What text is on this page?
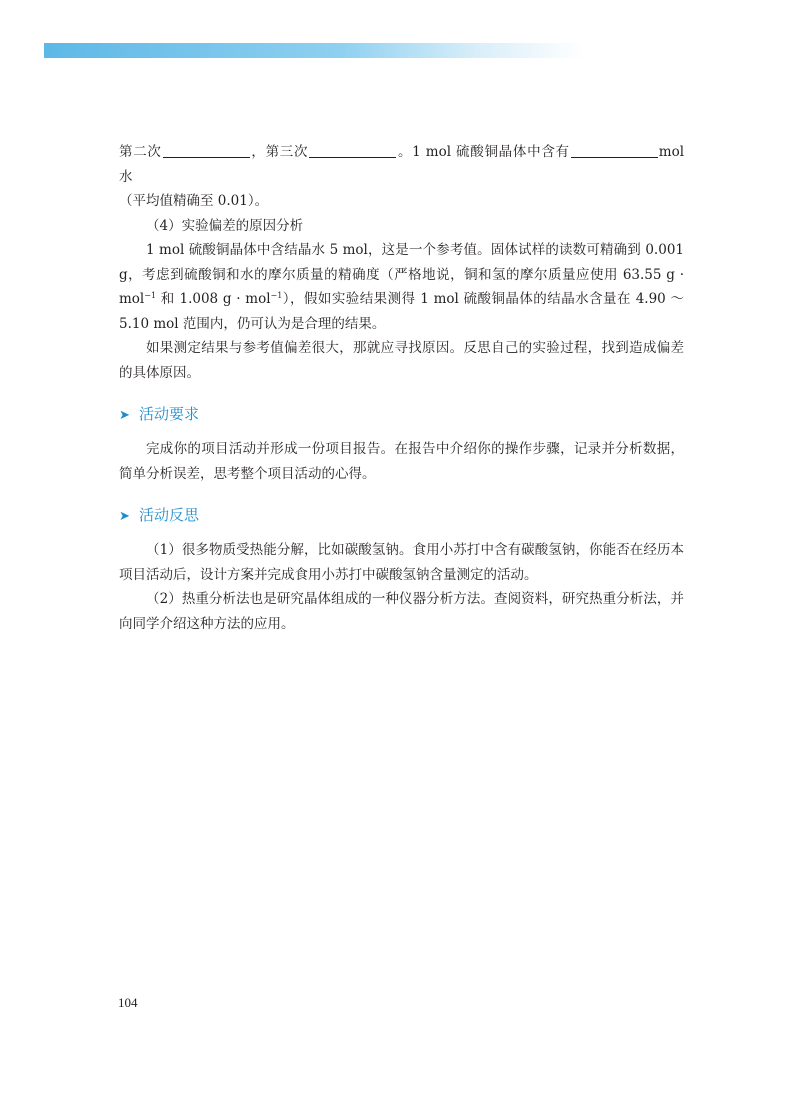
第二次	，第三次	。1 mol 硫酸铜晶体中含有	mol 水

（平均值精确至 0.01）。

（4）实验偏差的原因分析

1 mol 硫酸铜晶体中含结晶水 5 mol，这是一个参考值。固体试样的读数可精确到 0.001 g，考虑到硫酸铜和水的摩尔质量的精确度（严格地说，铜和氢的摩尔质量应使用 63.55 g · mol$^{-1}$ 和 1.008 g · mol$^{-1}$），假如实验结果测得 1 mol 硫酸铜晶体的结晶水含量在 4.90 ～ 5.10 mol 范围内，仍可认为是合理的结果。

如果测定结果与参考值偏差很大，那就应寻找原因。反思自己的实验过程，找到造成偏差的具体原因。

➤ 活动要求

完成你的项目活动并形成一份项目报告。在报告中介绍你的操作步骤，记录并分析数据，简单分析误差，思考整个项目活动的心得。

➤ 活动反思

（1）很多物质受热能分解，比如碳酸氢钠。食用小苏打中含有碳酸氢钠，你能否在经历本项目活动后，设计方案并完成食用小苏打中碳酸氢钠含量测定的活动。

（2）热重分析法也是研究晶体组成的一种仪器分析方法。查阅资料，研究热重分析法，并向同学介绍这种方法的应用。

104
